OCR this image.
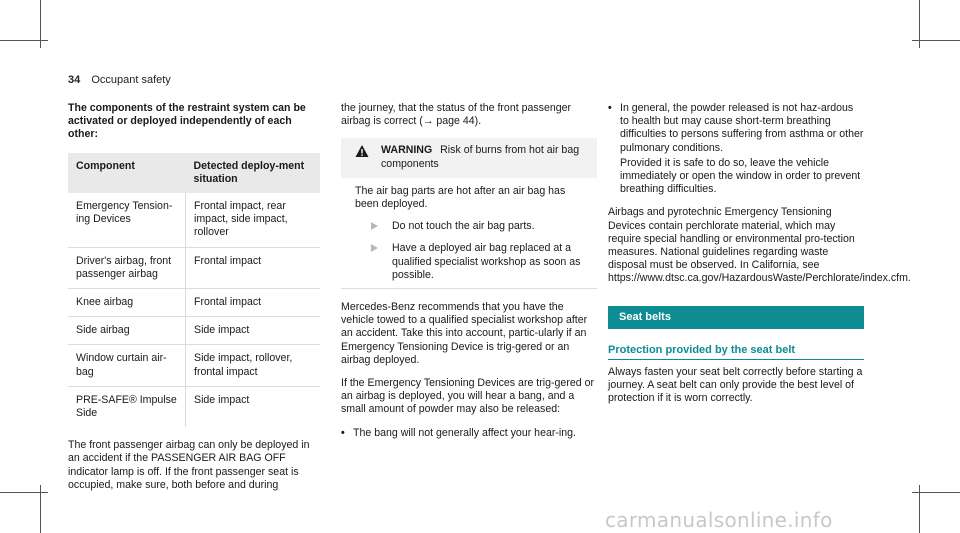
34 Occupant safety
The components of the restraint system can be activated or deployed independently of each other:
Component	Detected deploy-ment situation
Emergency Tension-ing Devices	Frontal impact, rear impact, side impact, rollover
Driver's airbag, front passenger airbag	Frontal impact
Knee airbag	Frontal impact
Side airbag	Side impact
Window curtain air-bag	Side impact, rollover, frontal impact
PRE-SAFE® Impulse Side	Side impact

The front passenger airbag can only be deployed in an accident if the PASSENGER AIR BAG OFF indicator lamp is off. If the front passenger seat is occupied, make sure, both before and during

the journey, that the status of the front passenger airbag is correct (→ page 44).

WARNING Risk of burns from hot air bag components
The air bag parts are hot after an air bag has been deployed.
Do not touch the air bag parts.
Have a deployed air bag replaced at a qualified specialist workshop as soon as possible.

Mercedes-Benz recommends that you have the vehicle towed to a qualified specialist workshop after an accident. Take this into account, partic-ularly if an Emergency Tensioning Device is trig-gered or an airbag deployed.

If the Emergency Tensioning Devices are trig-gered or an airbag is deployed, you will hear a bang, and a small amount of powder may also be released:

• The bang will not generally affect your hear-ing.
• In general, the powder released is not haz-ardous to health but may cause short-term breathing difficulties to persons suffering from asthma or other pulmonary conditions.

Provided it is safe to do so, leave the vehicle immediately or open the window in order to prevent breathing difficulties.

Airbags and pyrotechnic Emergency Tensioning Devices contain perchlorate material, which may require special handling or environmental pro-tection measures. National guidelines regarding waste disposal must be observed. In California, see https://www.dtsc.ca.gov/HazardousWaste/Perchlorate/index.cfm.

Seat belts
Protection provided by the seat belt

Always fasten your seat belt correctly before starting a journey. A seat belt can only provide the best level of protection if it is worn correctly.

carmanualsonline.info
